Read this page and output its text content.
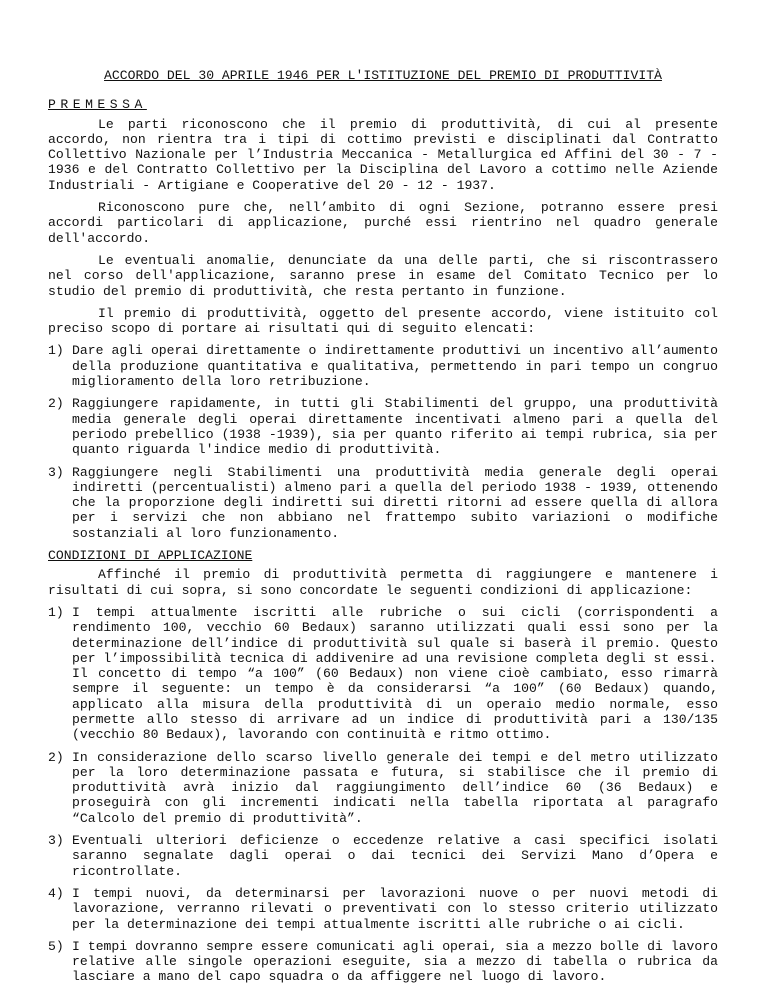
ACCORDO DEL 30 APRILE 1946 PER L'ISTITUZIONE DEL PREMIO DI PRODUTTIVITÀ
PREMESSA

Le parti riconoscono che il premio di produttività, di cui al presente accordo, non rientra tra i tipi di cottimo previsti e disciplinati dal Contratto Collettivo Nazionale per l’Industria Meccanica - Metallurgica ed Affini del 30 - 7 - 1936 e del Contratto Collettivo per la Disciplina del Lavoro a cottimo nelle Aziende Industriali - Artigiane e Cooperative del 20 - 12 - 1937.

Riconoscono pure che, nell’ambito di ogni Sezione, potranno essere presi accordi particolari di applicazione, purché essi rientrino nel quadro generale dell'accordo.

Le eventuali anomalie, denunciate da una delle parti, che si riscontrassero nel corso dell'applicazione, saranno prese in esame del Comitato Tecnico per lo studio del premio di produttività, che resta pertanto in funzione.

Il premio di produttività, oggetto del presente accordo, viene istituito col preciso scopo di portare ai risultati qui di seguito elencati:

1) Dare agli operai direttamente o indirettamente produttivi un incentivo all’aumento della produzione quantitativa e qualitativa, permettendo in pari tempo un congruo miglioramento della loro retribuzione.
2) Raggiungere rapidamente, in tutti gli Stabilimenti del gruppo, una produttività media generale degli operai direttamente incentivati almeno pari a quella del periodo prebellico (1938 -1939), sia per quanto riferito ai tempi rubrica, sia per quanto riguarda l'indice medio di produttività.
3) Raggiungere negli Stabilimenti una produttività media generale degli operai indiretti (percentualisti) almeno pari a quella del periodo 1938 - 1939, ottenendo che la proporzione degli indiretti sui diretti ritorni ad essere quella di allora per i servizi che non abbiano nel frattempo subito variazioni o modifiche sostanziali al loro funzionamento.
CONDIZIONI DI APPLICAZIONE

Affinché il premio di produttività permetta di raggiungere e mantenere i risultati di cui sopra, si sono concordate le seguenti condizioni di applicazione:

1) I tempi attualmente iscritti alle rubriche o sui cicli (corrispondenti a rendimento 100, vecchio 60 Bedaux) saranno utilizzati quali essi sono per la determinazione dell’indice di produttività sul quale si baserà il premio. Questo per l’impossibilità tecnica di addivenire ad una revisione completa degli st essi.
Il concetto di tempo “a 100” (60 Bedaux) non viene cioè cambiato, esso rimarrà sempre il seguente: un tempo è da considerarsi “a 100” (60 Bedaux) quando, applicato alla misura della produttività di un operaio medio normale, esso permette allo stesso di arrivare ad un indice di produttività pari a 130/135 (vecchio 80 Bedaux), lavorando con continuità e ritmo ottimo.
2) In considerazione dello scarso livello generale dei tempi e del metro utilizzato per la loro determinazione passata e futura, si stabilisce che il premio di produttività avrà inizio dal raggiungimento dell’indice 60 (36 Bedaux) e proseguirà con gli incrementi indicati nella tabella riportata al paragrafo “Calcolo del premio di produttività”.
3) Eventuali ulteriori deficienze o eccedenze relative a casi specifici isolati saranno segnalate dagli operai o dai tecnici dei Servizi Mano d’Opera e ricontrollate.
4) I tempi nuovi, da determinarsi per lavorazioni nuove o per nuovi metodi di lavorazione, verranno rilevati o preventivati con lo stesso criterio utilizzato per la determinazione dei tempi attualmente iscritti alle rubriche o ai cicli.
5) I tempi dovranno sempre essere comunicati agli operai, sia a mezzo bolle di lavoro relative alle singole operazioni eseguite, sia a mezzo di tabella o rubrica da lasciare a mano del capo squadra o da affiggere nel luogo di lavoro.
